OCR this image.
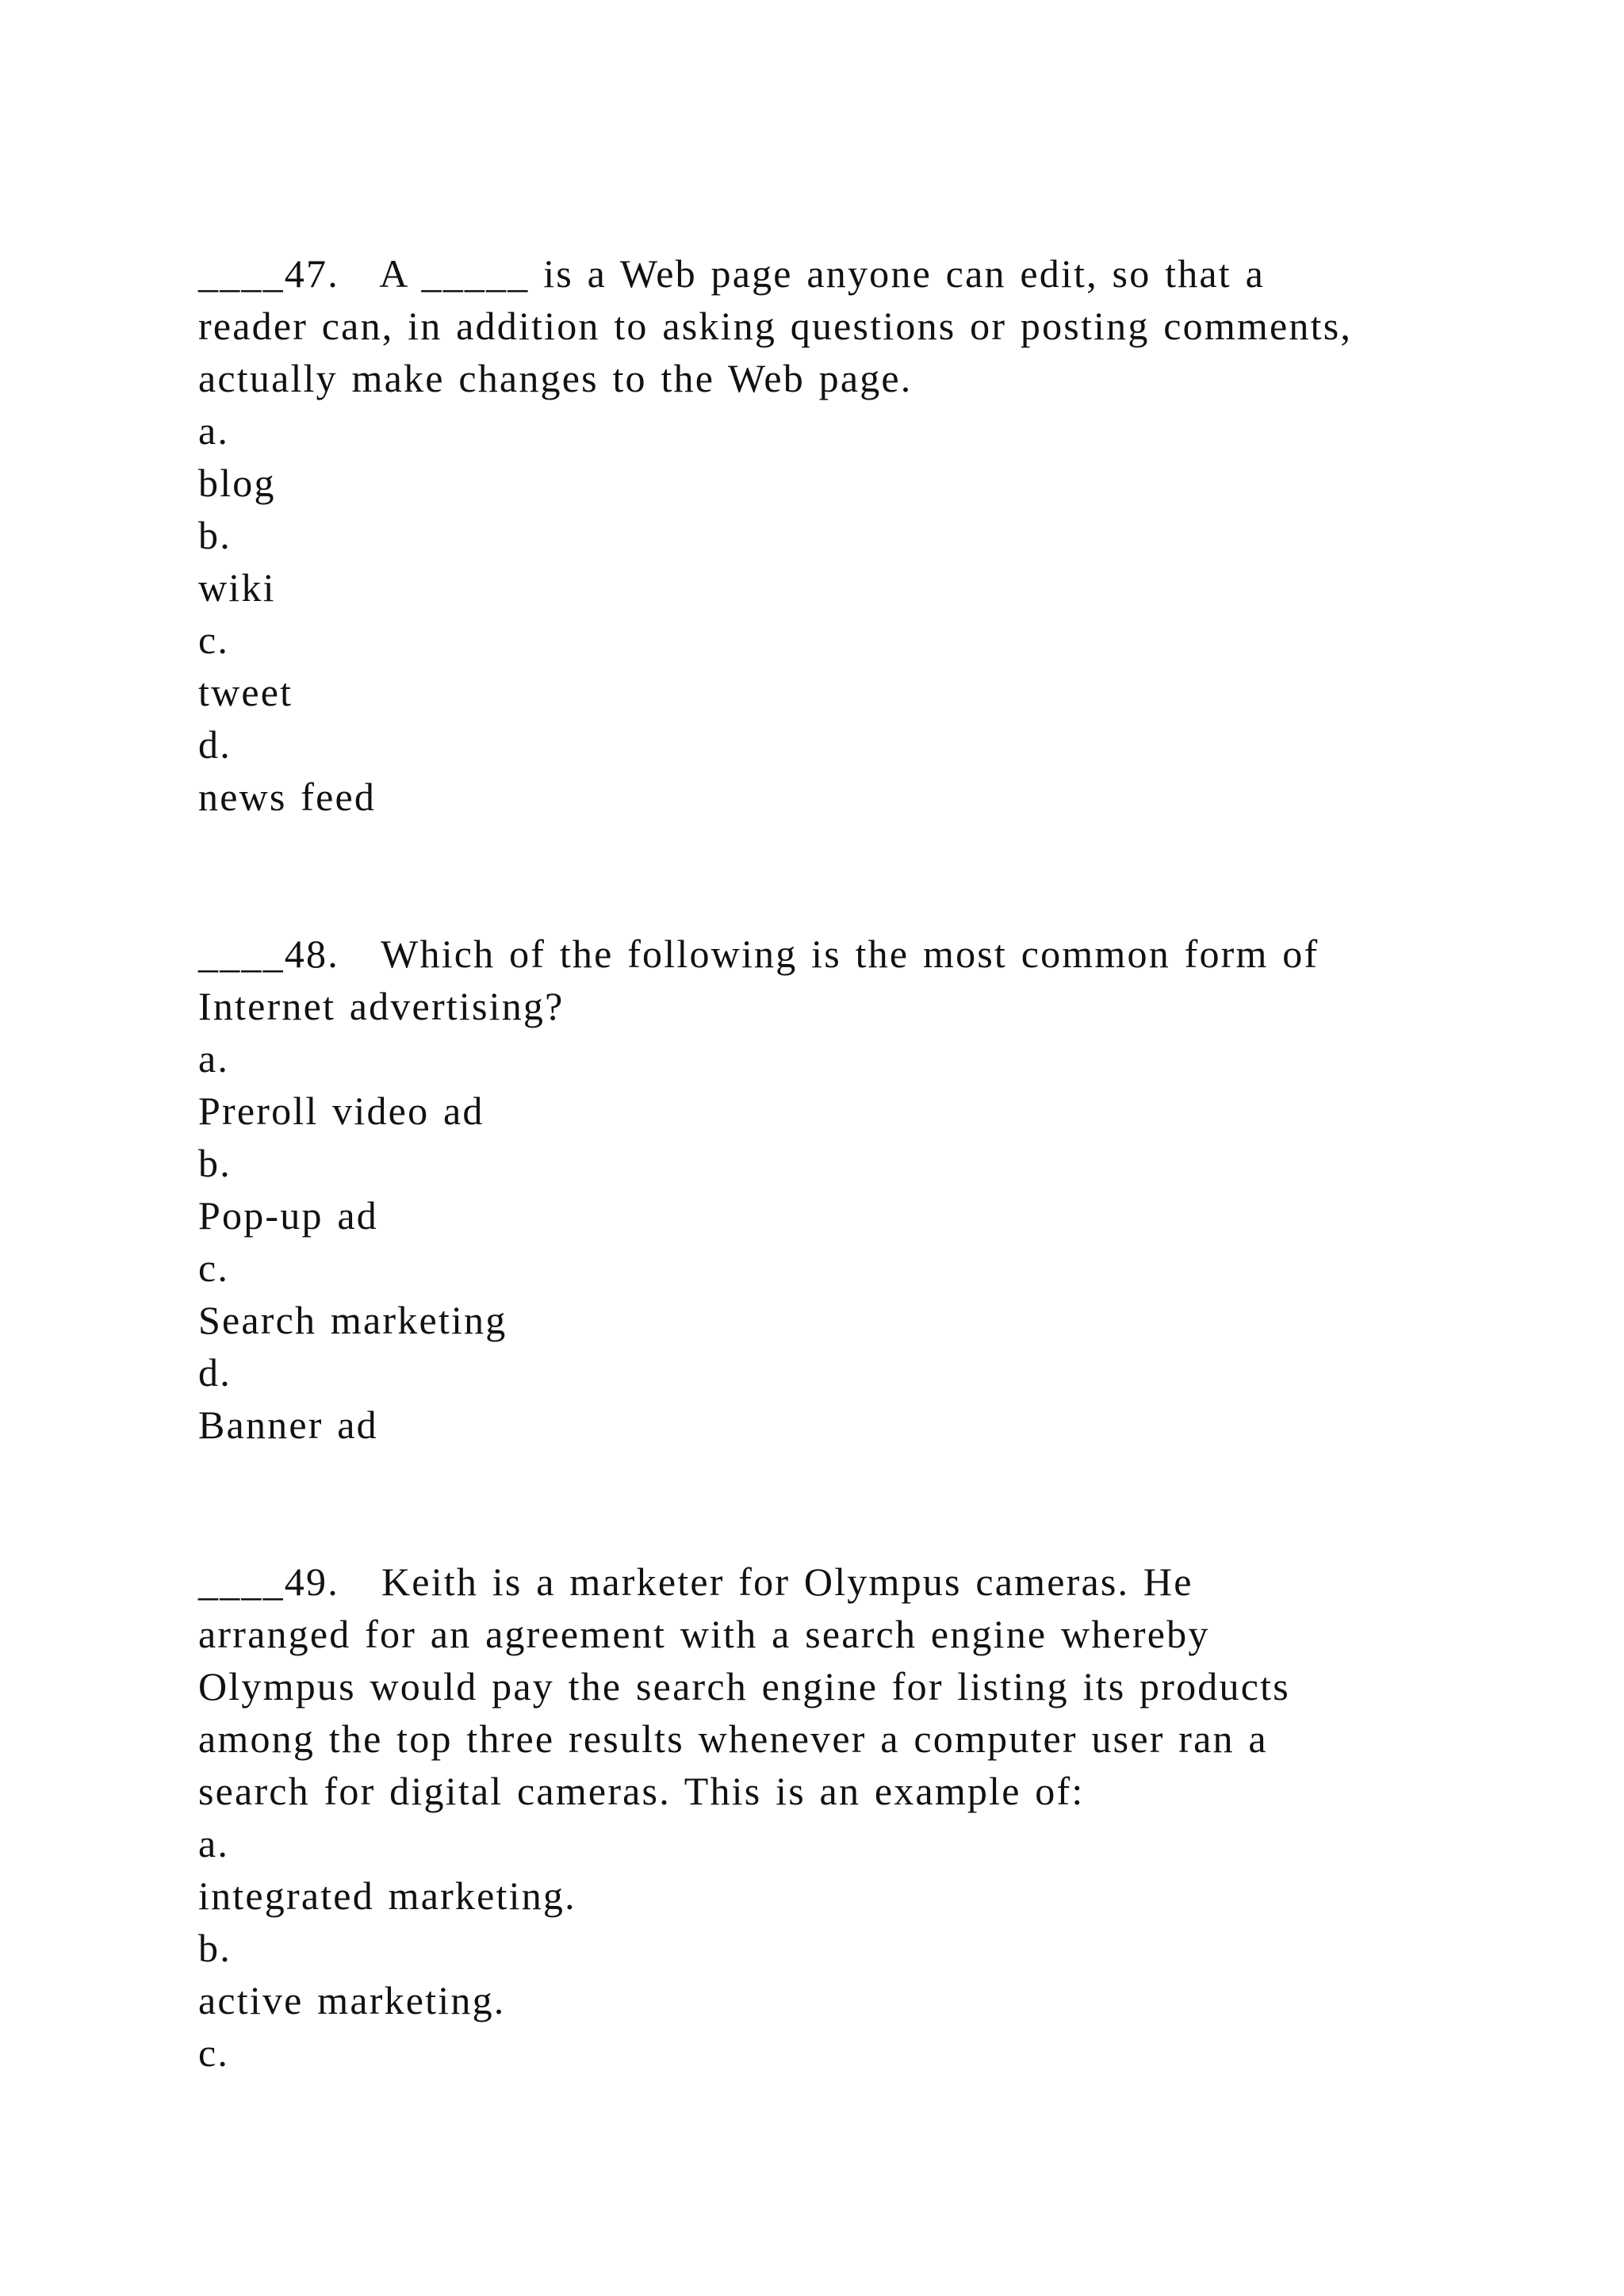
____47.   A _____ is a Web page anyone can edit, so that a
reader can, in addition to asking questions or posting comments,
actually make changes to the Web page.
a.
blog
b.
wiki
c.
tweet
d.
news feed
____48.   Which of the following is the most common form of
Internet advertising?
a.
Preroll video ad
b.
Pop-up ad
c.
Search marketing
d.
Banner ad
____49.   Keith is a marketer for Olympus cameras. He
arranged for an agreement with a search engine whereby
Olympus would pay the search engine for listing its products
among the top three results whenever a computer user ran a
search for digital cameras. This is an example of:
a.
integrated marketing.
b.
active marketing.
c.
